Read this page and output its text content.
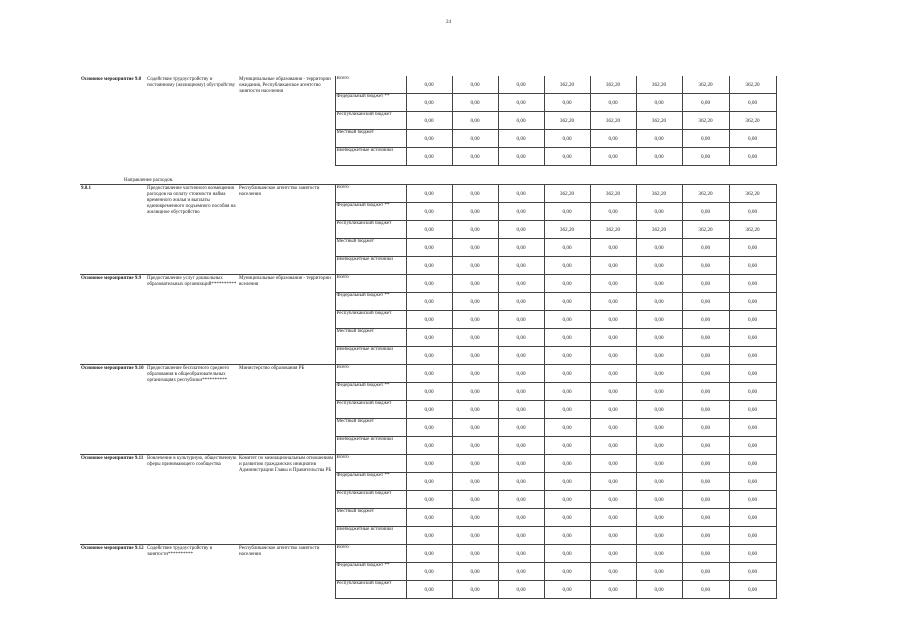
24
Основное мероприятие 9.8	Содействие трудоустройству и постоянному (жилищному) обустройству	Муниципальные образования - территории ожидания, Республиканское агентство занятости населения	Всего	0,00	0,00	0,00	362,20	362,20	362,20	362,20	362,20
			Федеральный бюджет **	0,00	0,00	0,00	0,00	0,00	0,00	0,00	0,00
			Республиканский бюджет	0,00	0,00	0,00	362,20	362,20	362,20	362,20	362,20
			Местный бюджет	0,00	0,00	0,00	0,00	0,00	0,00	0,00	0,00
			Внебюджетные источники	0,00	0,00	0,00	0,00	0,00	0,00	0,00	0,00
Направление расходов.											
9.8.1	Предоставление частичного возмещения расходов на оплату стоимости найма временного жилья и выплаты единовременного подъемного пособия на жилищное обустройство	Республиканское агентство занятости населения	Всего	0,00	0,00	0,00	362,20	362,20	362,20	362,20	362,20
			Федеральный бюджет **	0,00	0,00	0,00	0,00	0,00	0,00	0,00	0,00
			Республиканский бюджет	0,00	0,00	0,00	362,20	362,20	362,20	362,20	362,20
			Местный бюджет	0,00	0,00	0,00	0,00	0,00	0,00	0,00	0,00
			Внебюджетные источники	0,00	0,00	0,00	0,00	0,00	0,00	0,00	0,00
Основное мероприятие 9.9	Предоставление услуг дошкольных образовательных организаций**********	Муниципальные образования - территории вселения	Всего	0,00	0,00	0,00	0,00	0,00	0,00	0,00	0,00
			Федеральный бюджет **	0,00	0,00	0,00	0,00	0,00	0,00	0,00	0,00
			Республиканский бюджет	0,00	0,00	0,00	0,00	0,00	0,00	0,00	0,00
			Местный бюджет	0,00	0,00	0,00	0,00	0,00	0,00	0,00	0,00
			Внебюджетные источники	0,00	0,00	0,00	0,00	0,00	0,00	0,00	0,00
Основное мероприятие 9.10	Предоставление бесплатного среднего образования в общеобразовательных организациях республики**********	Министерство образования РБ	Всего	0,00	0,00	0,00	0,00	0,00	0,00	0,00	0,00
			Федеральный бюджет **	0,00	0,00	0,00	0,00	0,00	0,00	0,00	0,00
			Республиканский бюджет	0,00	0,00	0,00	0,00	0,00	0,00	0,00	0,00
			Местный бюджет	0,00	0,00	0,00	0,00	0,00	0,00	0,00	0,00
			Внебюджетные источники	0,00	0,00	0,00	0,00	0,00	0,00	0,00	0,00
Основное мероприятие 9.11	Вовлечение в культурную, общественную сферы принимающего сообщества	Комитет по межнациональным отношениям и развитию гражданских инициатив Администрации Главы и Правительства РБ	Всего	0,00	0,00	0,00	0,00	0,00	0,00	0,00	0,00
			Федеральный бюджет **	0,00	0,00	0,00	0,00	0,00	0,00	0,00	0,00
			Республиканский бюджет	0,00	0,00	0,00	0,00	0,00	0,00	0,00	0,00
			Местный бюджет	0,00	0,00	0,00	0,00	0,00	0,00	0,00	0,00
			Внебюджетные источники	0,00	0,00	0,00	0,00	0,00	0,00	0,00	0,00
Основное мероприятие 9.12	Содействие трудоустройству в занятости**********	Республиканское агентство занятости населения	Всего	0,00	0,00	0,00	0,00	0,00	0,00	0,00	0,00
			Федеральный бюджет **	0,00	0,00	0,00	0,00	0,00	0,00	0,00	0,00
			Республиканский бюджет	0,00	0,00	0,00	0,00	0,00	0,00	0,00	0,00
